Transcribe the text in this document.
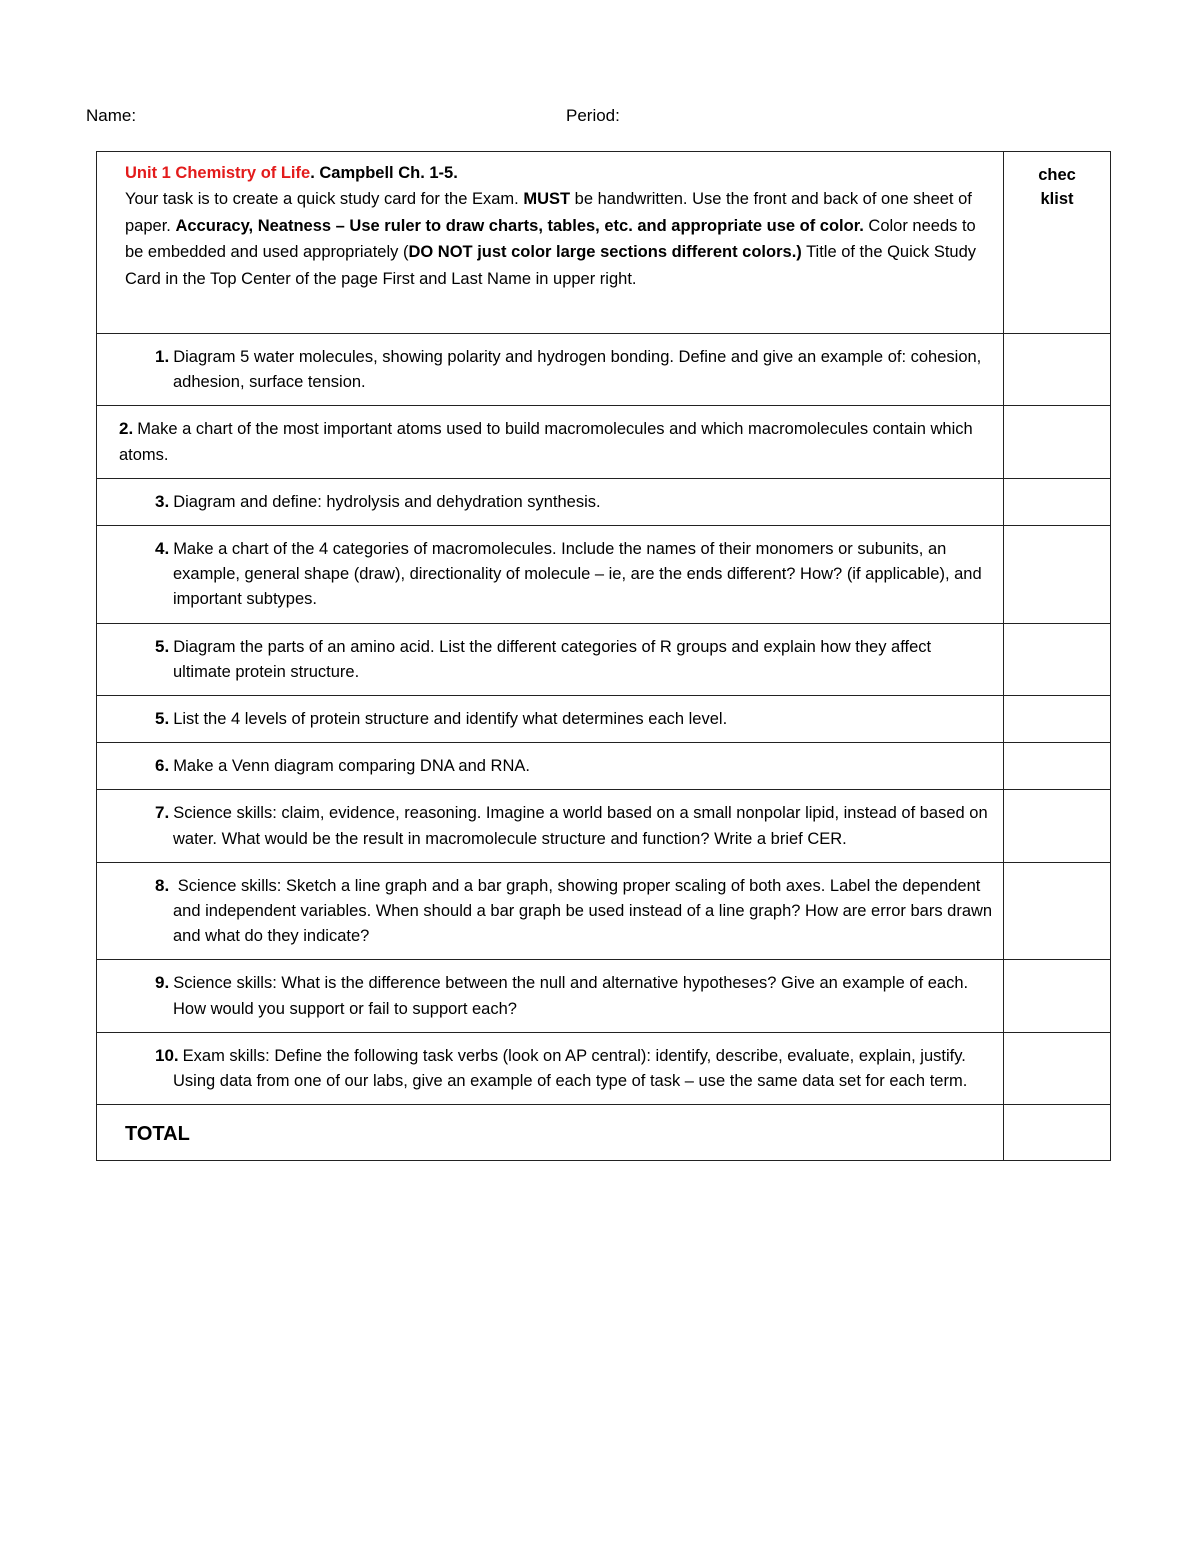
Name:	Period:
Unit 1 Chemistry of Life. Campbell Ch. 1-5.
Your task is to create a quick study card for the Exam. MUST be handwritten. Use the front and back of one sheet of paper. Accuracy, Neatness – Use ruler to draw charts, tables, etc. and appropriate use of color. Color needs to be embedded and used appropriately (DO NOT just color large sections different colors.) Title of the Quick Study Card in the Top Center of the page First and Last Name in upper right.	checklist

1. Diagram 5 water molecules, showing polarity and hydrogen bonding. Define and give an example of: cohesion, adhesion, surface tension.	

2. Make a chart of the most important atoms used to build macromolecules and which macromolecules contain which atoms.	

3. Diagram and define: hydrolysis and dehydration synthesis.	

4. Make a chart of the 4 categories of macromolecules. Include the names of their monomers or subunits, an example, general shape (draw), directionality of molecule – ie, are the ends different? How? (if applicable), and important subtypes.	

5. Diagram the parts of an amino acid. List the different categories of R groups and explain how they affect ultimate protein structure.	

5. List the 4 levels of protein structure and identify what determines each level.	

6. Make a Venn diagram comparing DNA and RNA.	

7. Science skills: claim, evidence, reasoning. Imagine a world based on a small nonpolar lipid, instead of based on water. What would be the result in macromolecule structure and function? Write a brief CER.	

8. Science skills: Sketch a line graph and a bar graph, showing proper scaling of both axes. Label the dependent and independent variables. When should a bar graph be used instead of a line graph? How are error bars drawn and what do they indicate?	

9. Science skills: What is the difference between the null and alternative hypotheses? Give an example of each. How would you support or fail to support each?	

10. Exam skills: Define the following task verbs (look on AP central): identify, describe, evaluate, explain, justify. Using data from one of our labs, give an example of each type of task – use the same data set for each term.	

TOTAL	
